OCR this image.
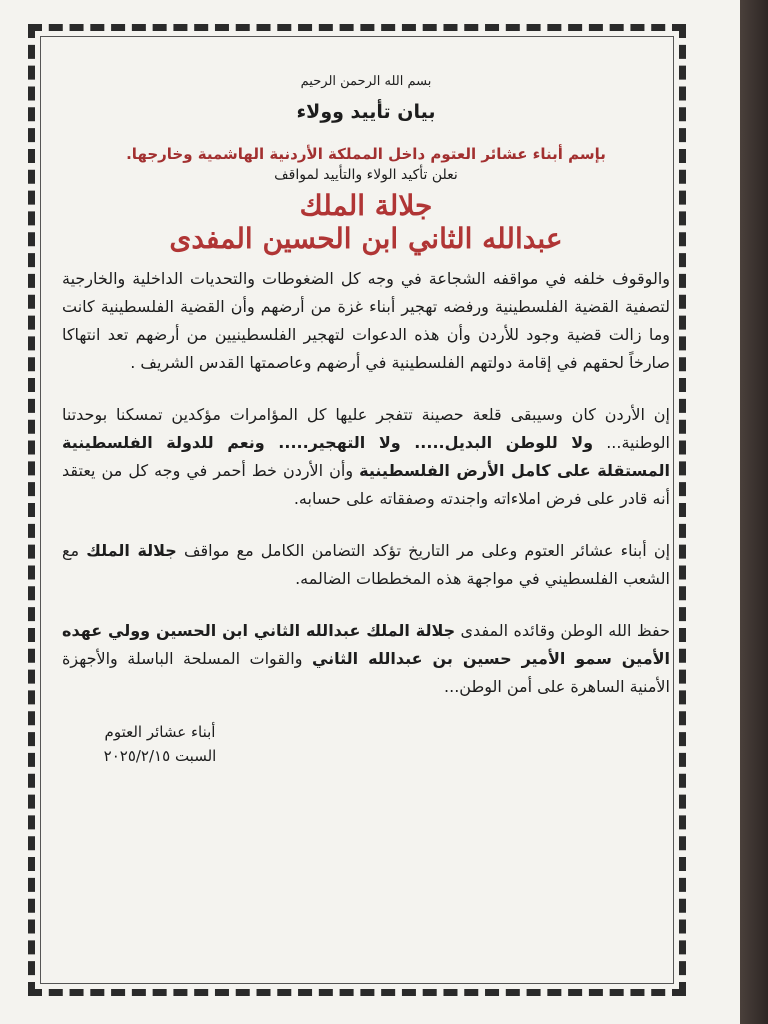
بسم الله الرحمن الرحيم
بيان تأييد وولاء
بإسم أبناء عشائر العتوم داخل المملكة الأردنية الهاشمية وخارجها.
نعلن تأكيد الولاء والتأييد لمواقف
جلالة الملك
عبدالله الثاني ابن الحسين المفدى

والوقوف خلفه في مواقفه الشجاعة في وجه كل الضغوطات والتحديات الداخلية والخارجية لتصفية القضية الفلسطينية ورفضه تهجير أبناء غزة من أرضهم وأن القضية الفلسطينية كانت وما زالت قضية وجود للأردن وأن هذه الدعوات لتهجير الفلسطينيين من أرضهم تعد انتهاكا صارخاً لحقهم في إقامة دولتهم الفلسطينية في أرضهم وعاصمتها القدس الشريف .

إن الأردن كان وسيبقى قلعة حصينة تتفجر عليها كل المؤامرات مؤكدين تمسكنا بوحدتنا الوطنية... ولا للوطن البديل..... ولا التهجير..... ونعم للدولة الفلسطينية المستقلة على كامل الأرض الفلسطينية وأن الأردن خط أحمر في وجه كل من يعتقد أنه قادر على فرض املاءاته واجندته وصفقاته على حسابه.

إن أبناء عشائر العتوم وعلى مر التاريخ تؤكد التضامن الكامل مع مواقف جلالة الملك مع الشعب الفلسطيني في مواجهة هذه المخططات الضالمه.

حفظ الله الوطن وقائده المفدى جلالة الملك عبدالله الثاني ابن الحسين وولي عهده الأمين سمو الأمير حسين بن عبدالله الثاني والقوات المسلحة الباسلة والأجهزة الأمنية الساهرة على أمن الوطن...

أبناء عشائر العتوم
السبت ٢٠٢٥/٢/١٥
